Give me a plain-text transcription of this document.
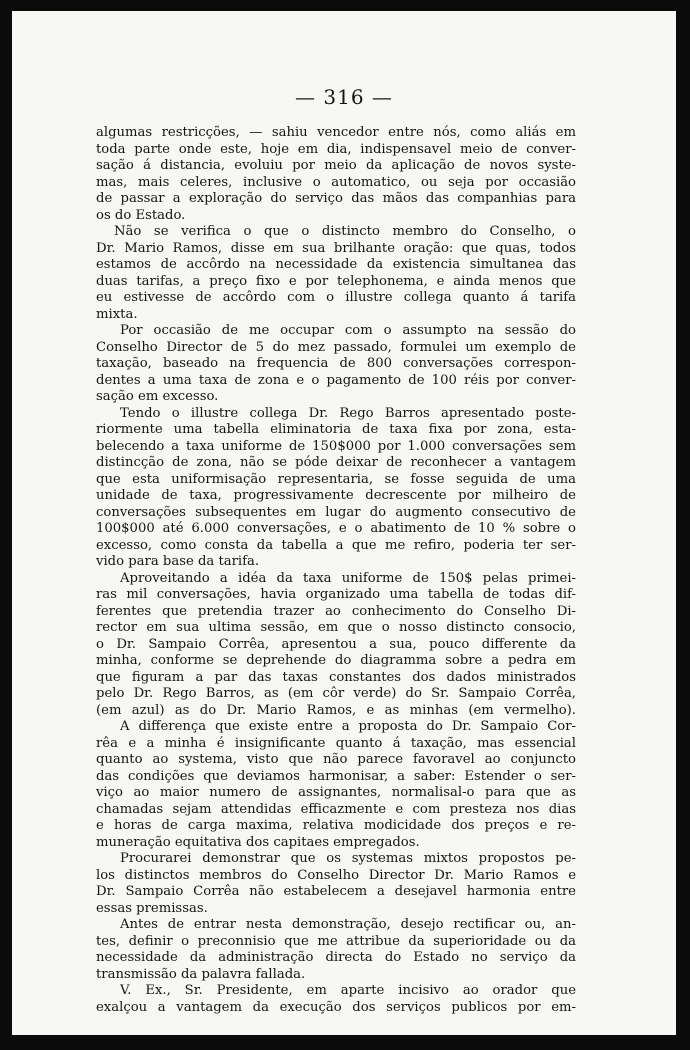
— 316 —
algumas restricções, — sahiu vencedor entre nós, como aliás em
toda parte onde este, hoje em dia, indispensavel meio de conver-
sação á distancia, evoluiu por meio da aplicação de novos syste-
mas, mais celeres, inclusive o automatico, ou seja por occasião
de passar a exploração do serviço das mãos das companhias para
os do Estado.
Não se verifica o que o distincto membro do Conselho, o
Dr. Mario Ramos, disse em sua brilhante oração: que quas, todos
estamos de accôrdo na necessidade da existencia simultanea das
duas tarifas, a preço fixo e por telephonema, e ainda menos que
eu estivesse de accôrdo com o illustre collega quanto á tarifa
mixta.
Por occasião de me occupar com o assumpto na sessão do
Conselho Director de 5 do mez passado, formulei um exemplo de
taxação, baseado na frequencia de 800 conversações correspon-
dentes a uma taxa de zona e o pagamento de 100 réis por conver-
sação em excesso.
Tendo o illustre collega Dr. Rego Barros apresentado poste-
riormente uma tabella eliminatoria de taxa fixa por zona, esta-
belecendo a taxa uniforme de 150$000 por 1.000 conversações sem
distincção de zona, não se póde deixar de reconhecer a vantagem
que esta uniformisação representaria, se fosse seguida de uma
unidade de taxa, progressivamente decrescente por milheiro de
conversações subsequentes em lugar do augmento consecutivo de
100$000 até 6.000 conversações, e o abatimento de 10 % sobre o
excesso, como consta da tabella a que me refiro, poderia ter ser-
vido para base da tarifa.
Aproveitando a idéa da taxa uniforme de 150$ pelas primei-
ras mil conversações, havia organizado uma tabella de todas dif-
ferentes que pretendia trazer ao conhecimento do Conselho Di-
rector em sua ultima sessão, em que o nosso distincto consocio,
o Dr. Sampaio Corrêa, apresentou a sua, pouco differente da
minha, conforme se deprehende do diagramma sobre a pedra em
que figuram a par das taxas constantes dos dados ministrados
pelo Dr. Rego Barros, as (em côr verde) do Sr. Sampaio Corrêa,
(em azul) as do Dr. Mario Ramos, e as minhas (em vermelho).
A differença que existe entre a proposta do Dr. Sampaio Cor-
rêa e a minha é insignificante quanto á taxação, mas essencial
quanto ao systema, visto que não parece favoravel ao conjuncto
das condições que deviamos harmonisar, a saber: Estender o ser-
viço ao maior numero de assignantes, normalisal-o para que as
chamadas sejam attendidas efficazmente e com presteza nos dias
e horas de carga maxima, relativa modicidade dos preços e re-
muneração equitativa dos capitaes empregados.
Procurarei demonstrar que os systemas mixtos propostos pe-
los distinctos membros do Conselho Director Dr. Mario Ramos e
Dr. Sampaio Corrêa não estabelecem a desejavel harmonia entre
essas premissas.
Antes de entrar nesta demonstração, desejo rectificar ou, an-
tes, definir o preconnisio que me attribue da superioridade ou da
necessidade da administração directa do Estado no serviço da
transmissão da palavra fallada.
V. Ex., Sr. Presidente, em aparte incisivo ao orador que
exalçou a vantagem da execução dos serviços publicos por em-
